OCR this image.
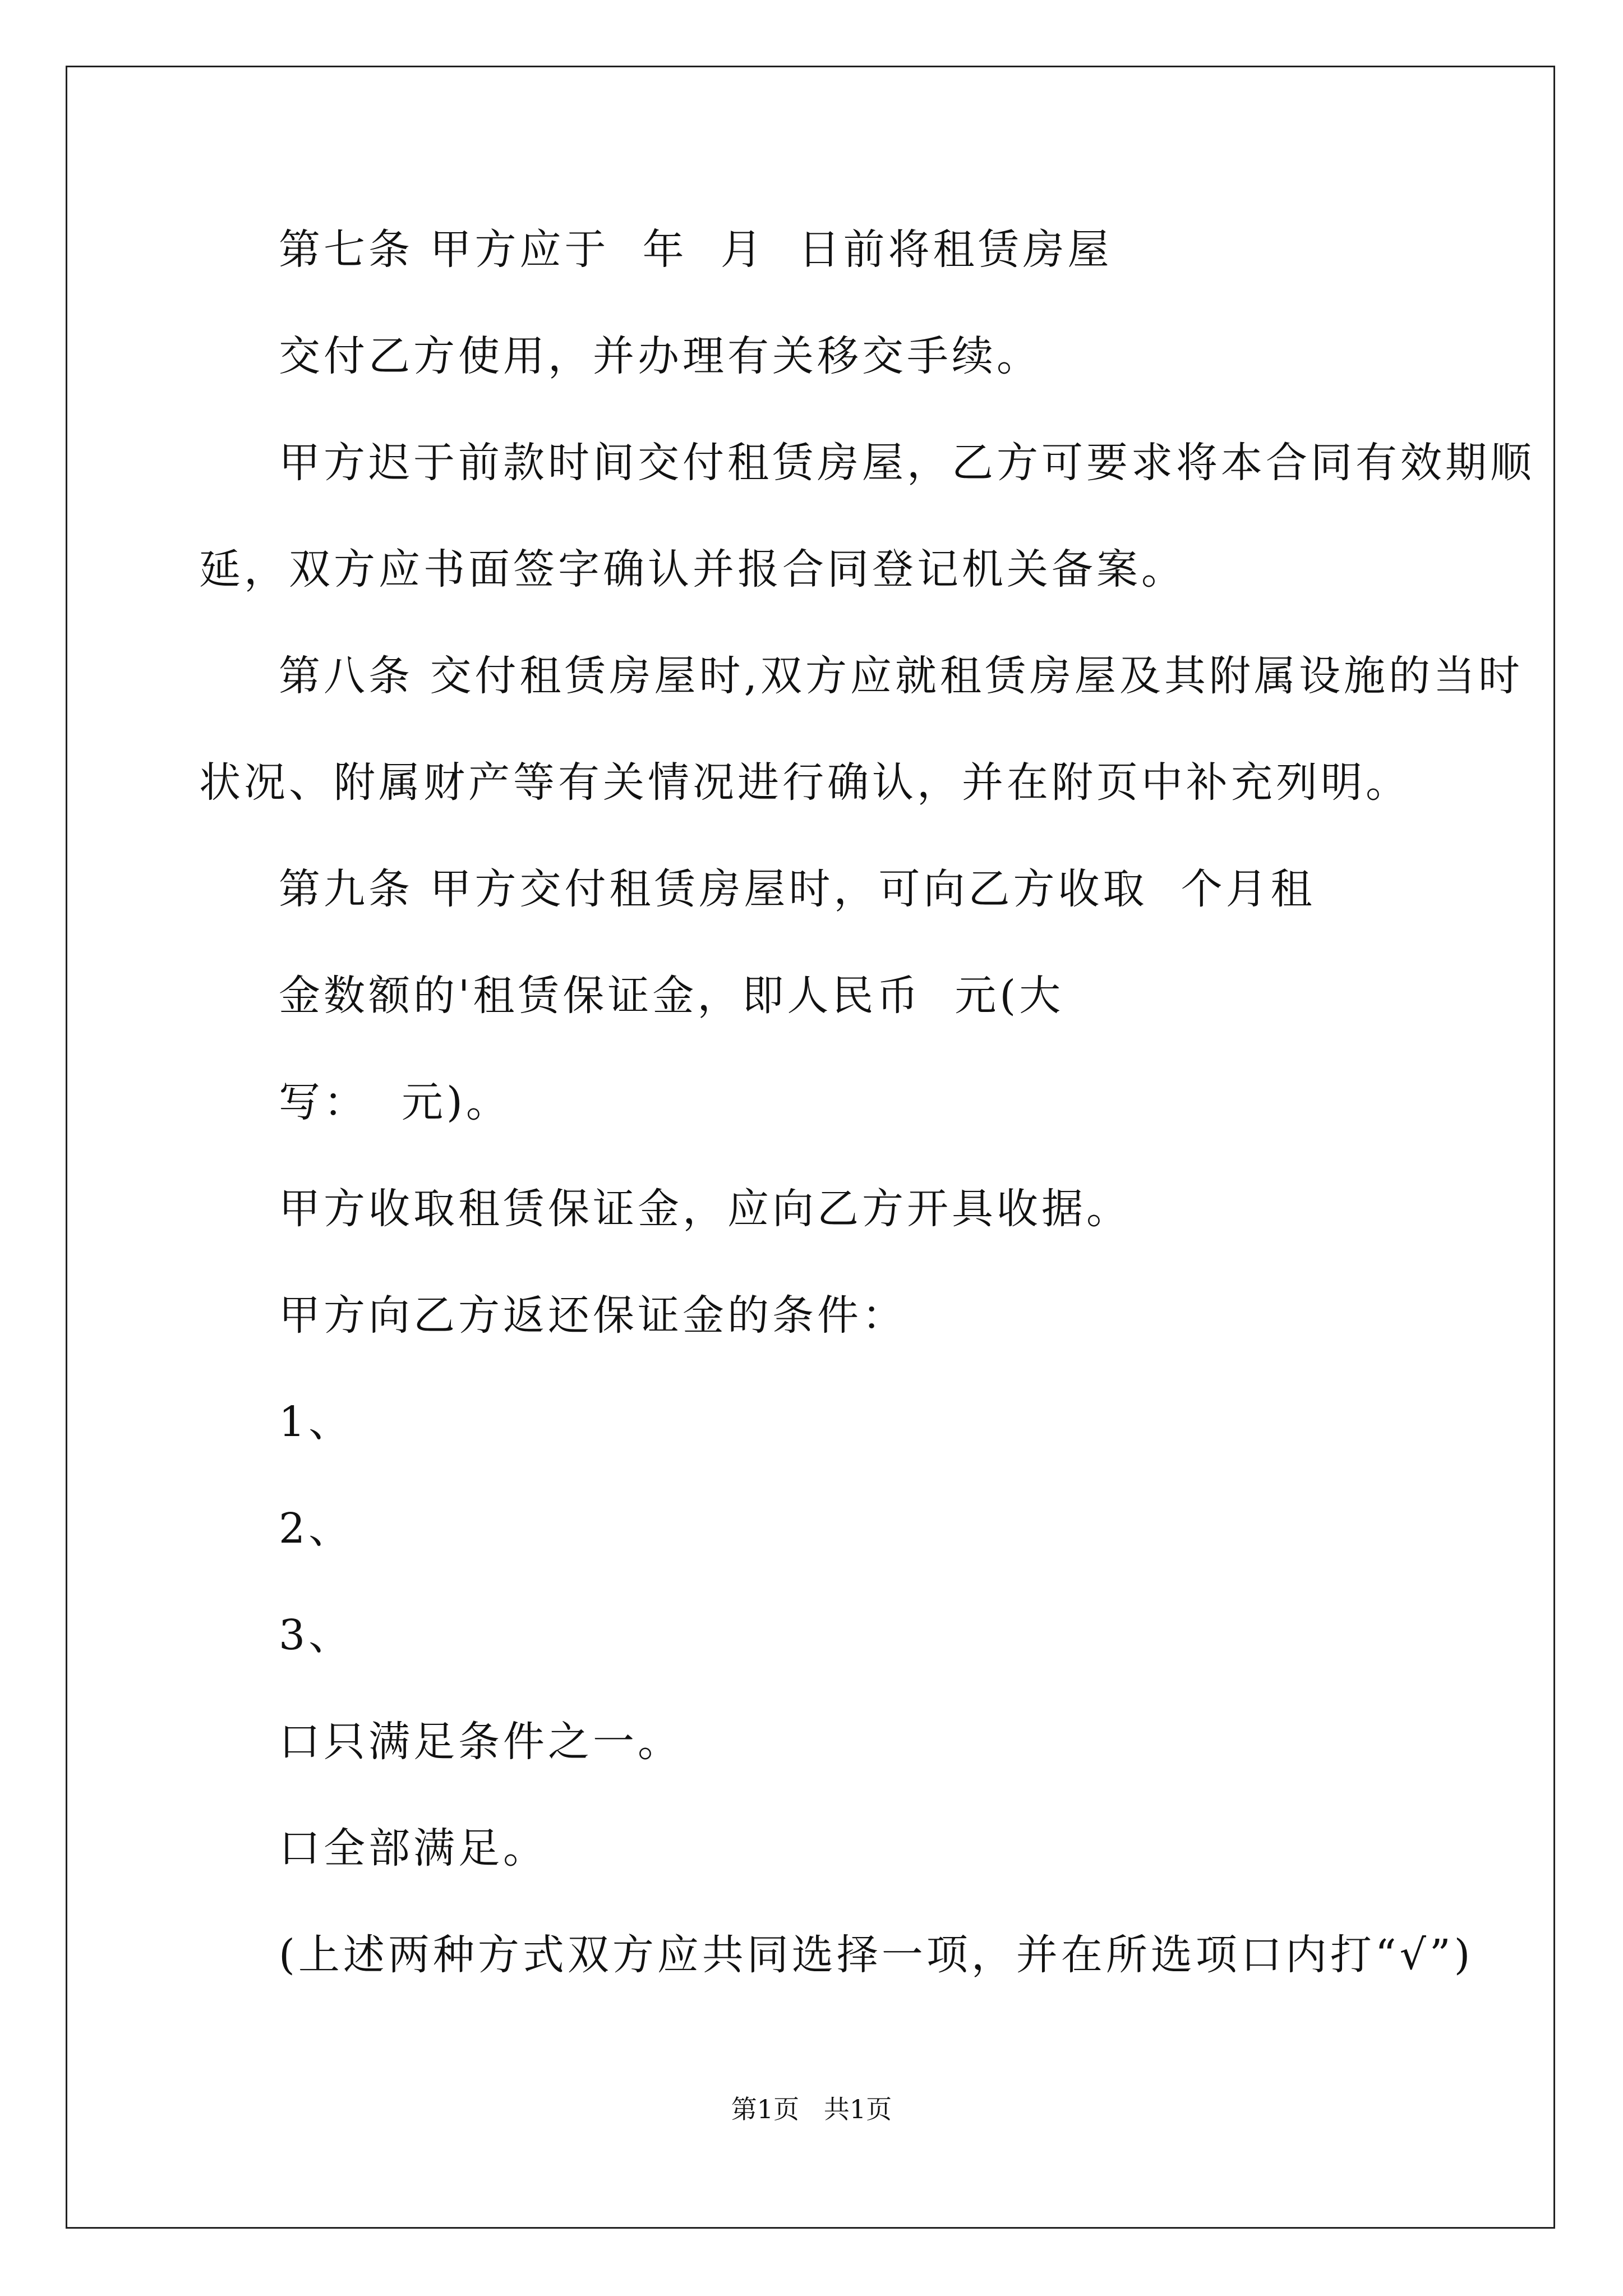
第七条 甲方应于  年  月  日前将租赁房屋
交付乙方使用，并办理有关移交手续。
甲方迟于前款时间交付租赁房屋，乙方可要求将本合同有效期顺
延，双方应书面签字确认并报合同登记机关备案。
第八条 交付租赁房屋时,双方应就租赁房屋及其附属设施的当时
状况、附属财产等有关情况进行确认，并在附页中补充列明。
第九条 甲方交付租赁房屋时，可向乙方收取  个月租
金数额的'租赁保证金，即人民币  元(大
写：  元)。
甲方收取租赁保证金，应向乙方开具收据。
甲方向乙方返还保证金的条件：
1、
2、
3、
口只满足条件之一。
口全部满足。
(上述两种方式双方应共同选择一项，并在所选项口内打“√”)
第1页   共1页
